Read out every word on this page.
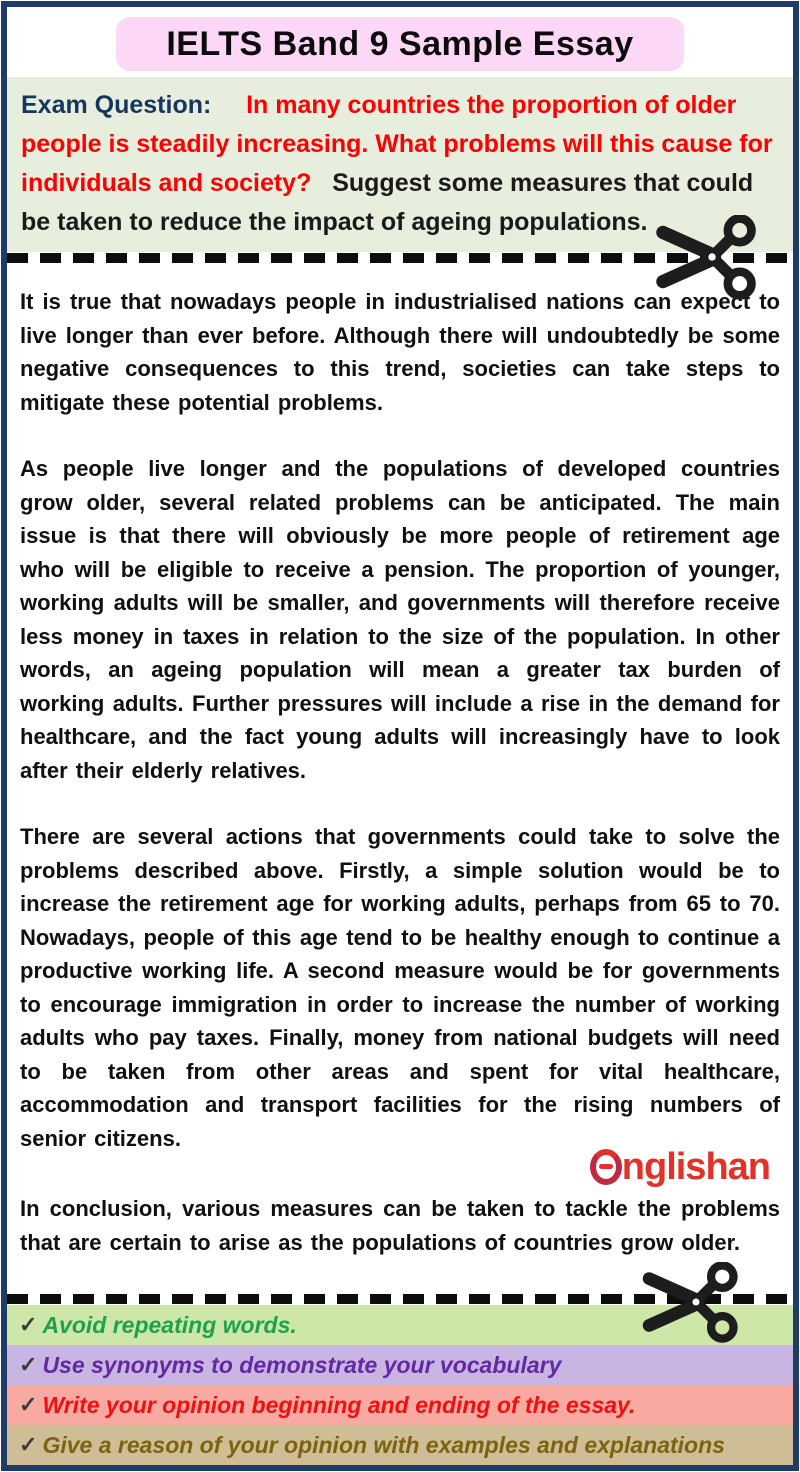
IELTS Band 9 Sample Essay
Exam Question: In many countries the proportion of older people is steadily increasing. What problems will this cause for individuals and society? Suggest some measures that could be taken to reduce the impact of ageing populations.

It is true that nowadays people in industrialised nations can expect to live longer than ever before. Although there will undoubtedly be some negative consequences to this trend, societies can take steps to mitigate these potential problems.

As people live longer and the populations of developed countries grow older, several related problems can be anticipated. The main issue is that there will obviously be more people of retirement age who will be eligible to receive a pension. The proportion of younger, working adults will be smaller, and governments will therefore receive less money in taxes in relation to the size of the population. In other words, an ageing population will mean a greater tax burden of working adults. Further pressures will include a rise in the demand for healthcare, and the fact young adults will increasingly have to look after their elderly relatives.

There are several actions that governments could take to solve the problems described above. Firstly, a simple solution would be to increase the retirement age for working adults, perhaps from 65 to 70. Nowadays, people of this age tend to be healthy enough to continue a productive working life. A second measure would be for governments to encourage immigration in order to increase the number of working adults who pay taxes. Finally, money from national budgets will need to be taken from other areas and spent for vital healthcare, accommodation and transport facilities for the rising numbers of senior citizens.

nglishan

In conclusion, various measures can be taken to tackle the problems that are certain to arise as the populations of countries grow older.

✓ Avoid repeating words.
✓ Use synonyms to demonstrate your vocabulary
✓ Write your opinion beginning and ending of the essay.
✓ Give a reason of your opinion with examples and explanations
